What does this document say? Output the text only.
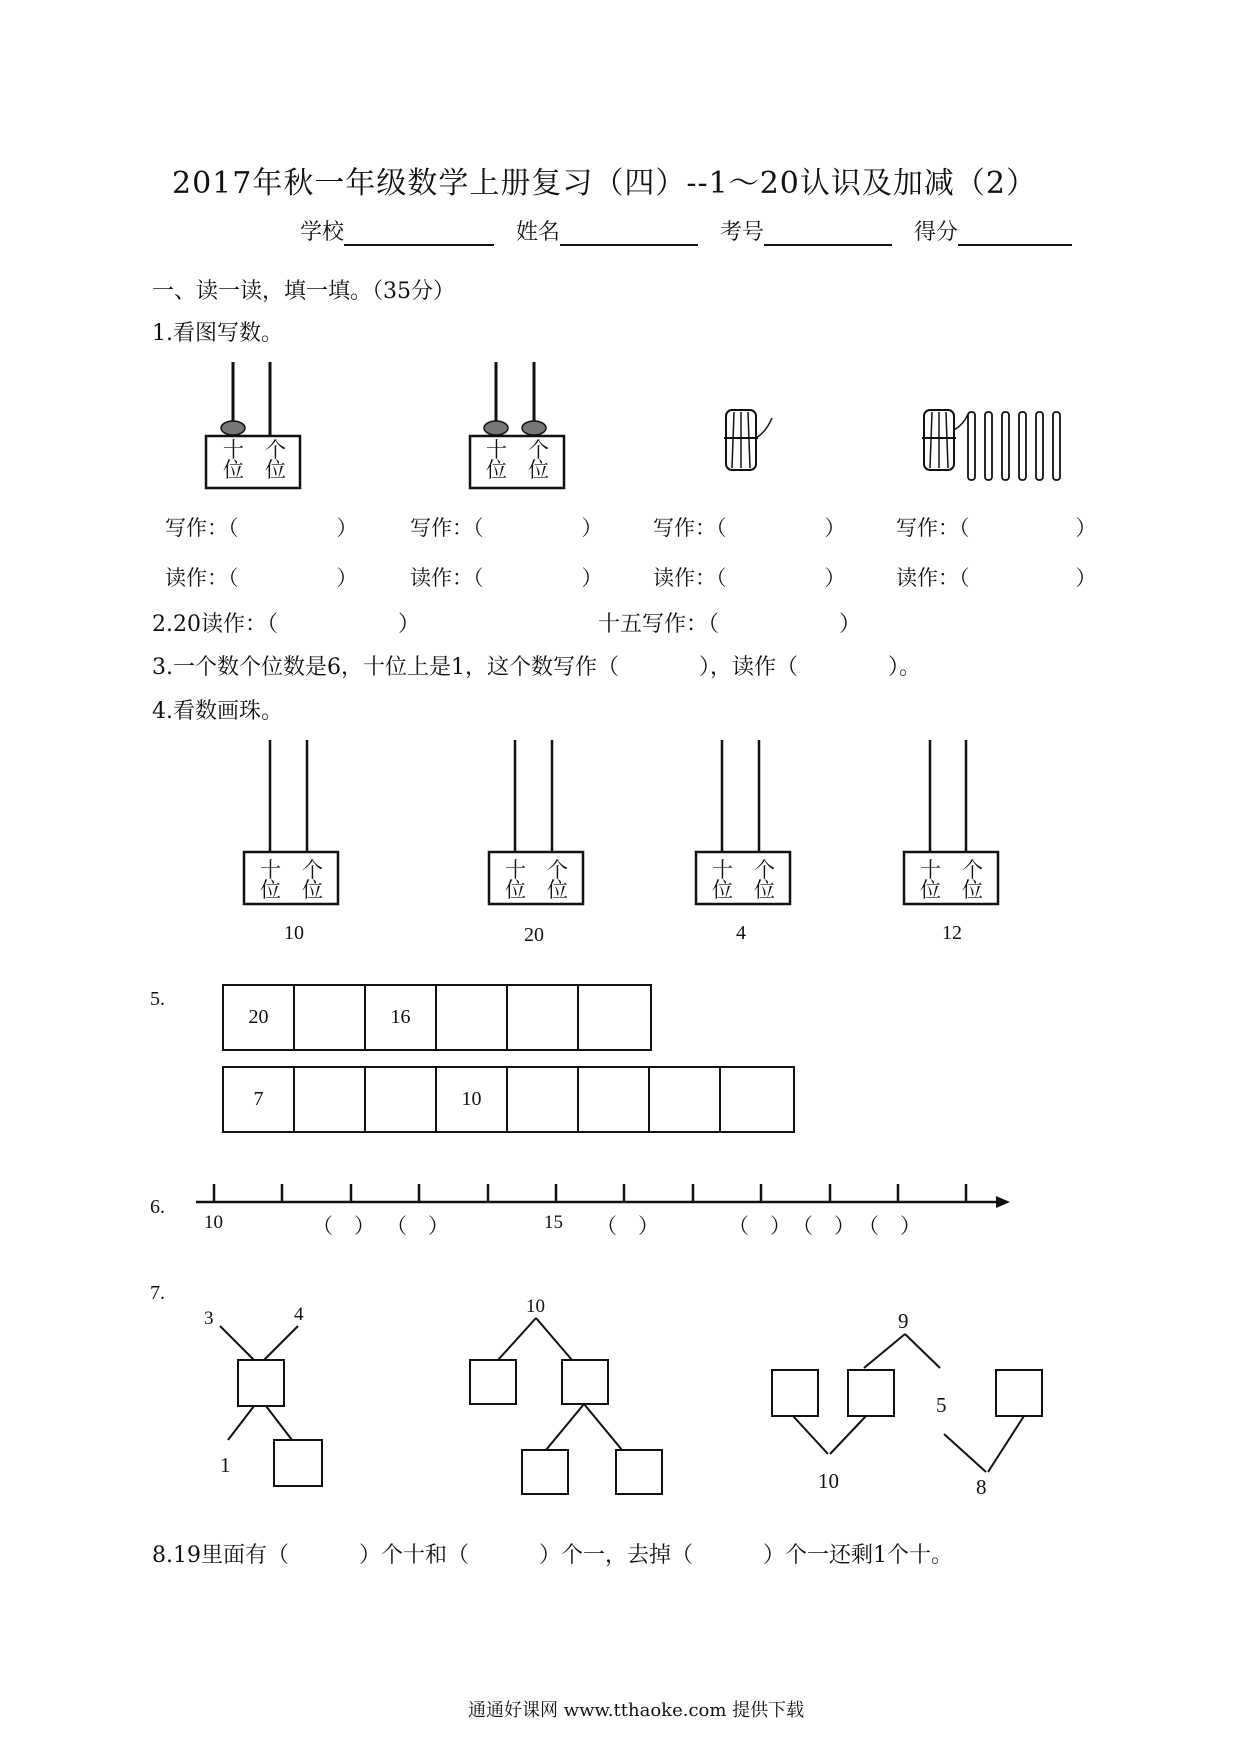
2017年秋一年级数学上册复习（四）--1～20认识及加减（2）
学校	姓名	考号	得分
一、读一读，填一填。（35分）
1.看图写数。
十　 个
位　 位
十　 个
位　 位
写作：（	）	写作：（	） 写作：（	） 写作：（	）
读作：（	）	读作：（	） 读作：（	） 读作：（	）
2.20读作：（	）	十五写作：（	）
3.一个数个位数是6，十位上是1，这个数写作（	），读作（	）。
4.看数画珠。
十　 个
位　 位
十　 个
位　 位
十　 个
位　 位
十　 个
位　 位
10	20	4	12
5.
20	16
7	10
6.
10	15
（　） （　）	（　）	（　） （　） （　）
7.
3	4
1
10
9
5
10	8
8.19里面有（	）个十和（	）个一，去掉（	）个一还剩1个十。
通通好课网 www.tthaoke.com 提供下载
